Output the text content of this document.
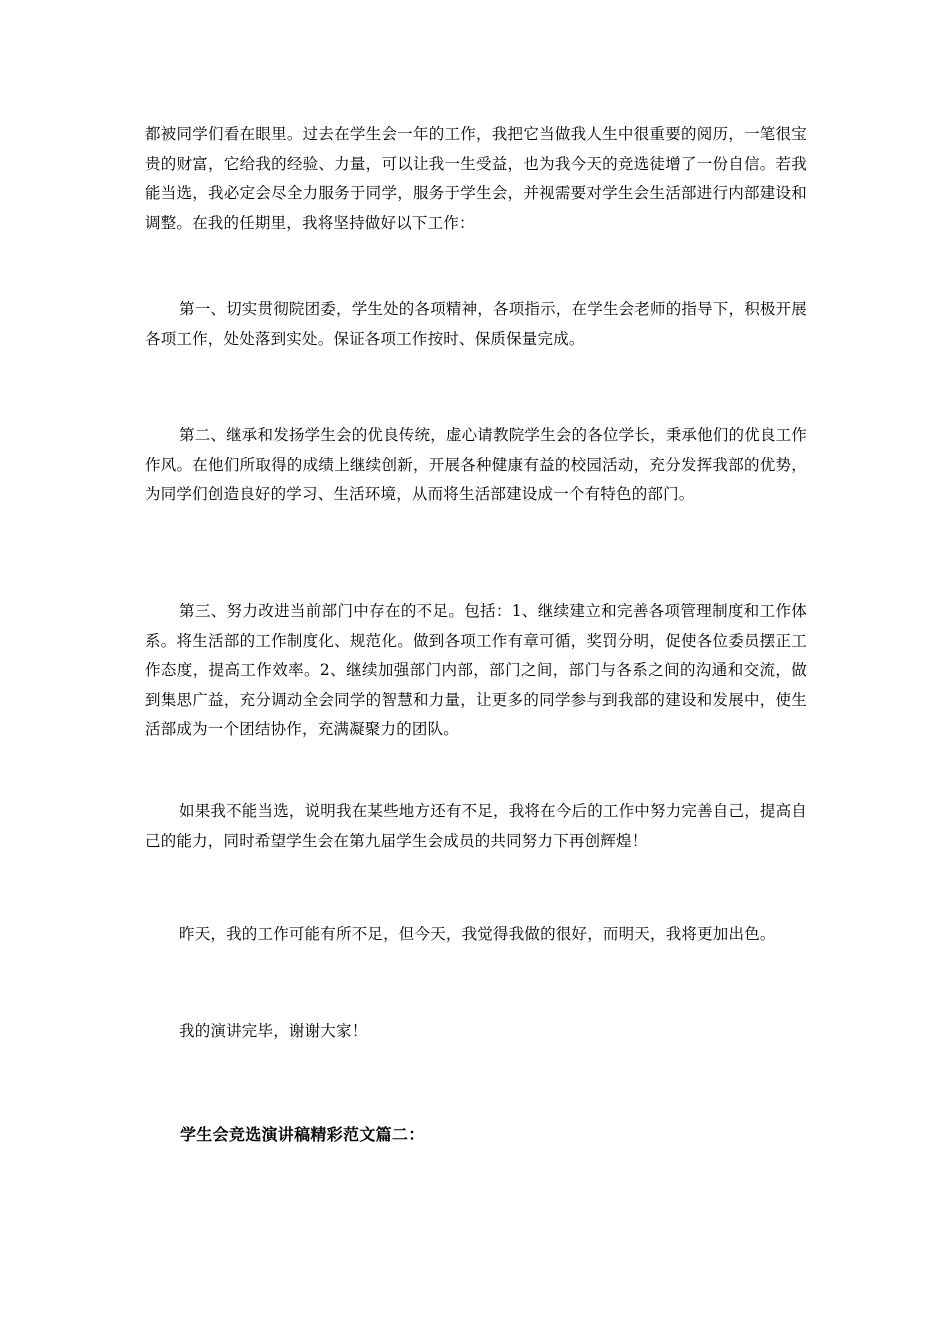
都被同学们看在眼里。过去在学生会一年的工作，我把它当做我人生中很重要的阅历，一笔很宝贵的财富，它给我的经验、力量，可以让我一生受益，也为我今天的竞选徒增了一份自信。若我能当选，我必定会尽全力服务于同学，服务于学生会，并视需要对学生会生活部进行内部建设和调整。在我的任期里，我将坚持做好以下工作：

第一、切实贯彻院团委，学生处的各项精神，各项指示，在学生会老师的指导下，积极开展各项工作，处处落到实处。保证各项工作按时、保质保量完成。

第二、继承和发扬学生会的优良传统，虚心请教院学生会的各位学长，秉承他们的优良工作作风。在他们所取得的成绩上继续创新，开展各种健康有益的校园活动，充分发挥我部的优势，为同学们创造良好的学习、生活环境，从而将生活部建设成一个有特色的部门。

第三、努力改进当前部门中存在的不足。包括：1、继续建立和完善各项管理制度和工作体系。将生活部的工作制度化、规范化。做到各项工作有章可循，奖罚分明，促使各位委员摆正工作态度，提高工作效率。2、继续加强部门内部，部门之间，部门与各系之间的沟通和交流，做到集思广益，充分调动全会同学的智慧和力量，让更多的同学参与到我部的建设和发展中，使生活部成为一个团结协作，充满凝聚力的团队。

如果我不能当选，说明我在某些地方还有不足，我将在今后的工作中努力完善自己，提高自己的能力，同时希望学生会在第九届学生会成员的共同努力下再创辉煌！

昨天，我的工作可能有所不足，但今天，我觉得我做的很好，而明天，我将更加出色。

我的演讲完毕，谢谢大家！

学生会竞选演讲稿精彩范文篇二：
